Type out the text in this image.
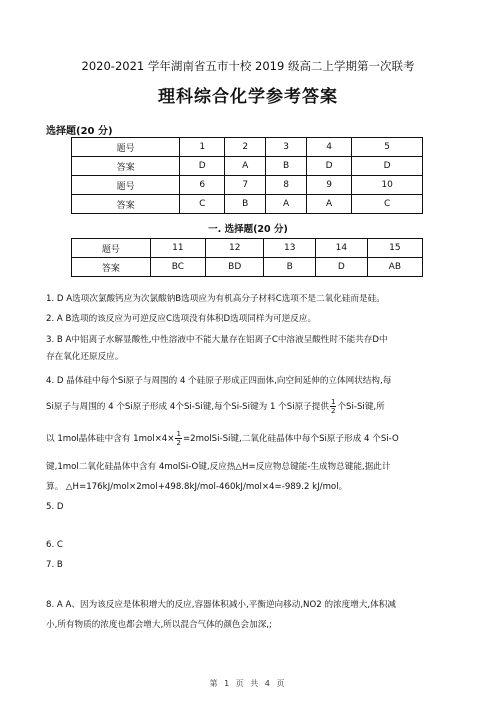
2020-2021 学年湖南省五市十校 2019 级高二上学期第一次联考
理科综合化学参考答案
选择题(20 分)
题号	1	2	3	4	5
答案	D	A	B	D	D
题号	6	7	8	9	10
答案	C	B	A	A	C
一. 选择题(20 分)
题号	11	12	13	14	15
答案	BC	BD	B	D	AB
1. D A选项次氯酸钙应为次氯酸钠B选项应为有机高分子材料C选项不是二氧化硅而是硅。
2. A B选项的该反应为可逆反应C选项没有体积D选项同样为可逆反应。
3. B A中铝离子水解显酸性,中性溶液中不能大量存在铝离子C中溶液呈酸性时不能共存D中
存在氧化还原反应。
4. D 晶体硅中每个Si原子与周围的 4 个硅原子形成正四面体,向空间延伸的立体网状结构,每
Si原子与周围的 4 个Si原子形成 4个Si-Si键,每个Si-Si键为 1 个Si原子提供 $\frac{1}{2}$ 个Si-Si键,所
以 1mol晶体硅中含有 $1mol\times 4\times \frac{1}{2}$ =2molSi-Si键,二氧化硅晶体中每个Si原子形成 4 个Si-O
键,1mol二氧化硅晶体中含有 4molSi-O键,反应热△H=反应物总键能-生成物总键能,据此计
算。 △H=176kJ/mol×2mol+498.8kJ/mol-460kJ/mol×4=-989.2 kJ/mol。
5. D
6. C
7. B
8. A A、因为该反应是体积增大的反应,容器体积减小,平衡逆向移动,NO2 的浓度增大,体积减
小,所有物质的浓度也都会增大,所以混合气体的颜色会加深,;
第 1 页 共 4 页
